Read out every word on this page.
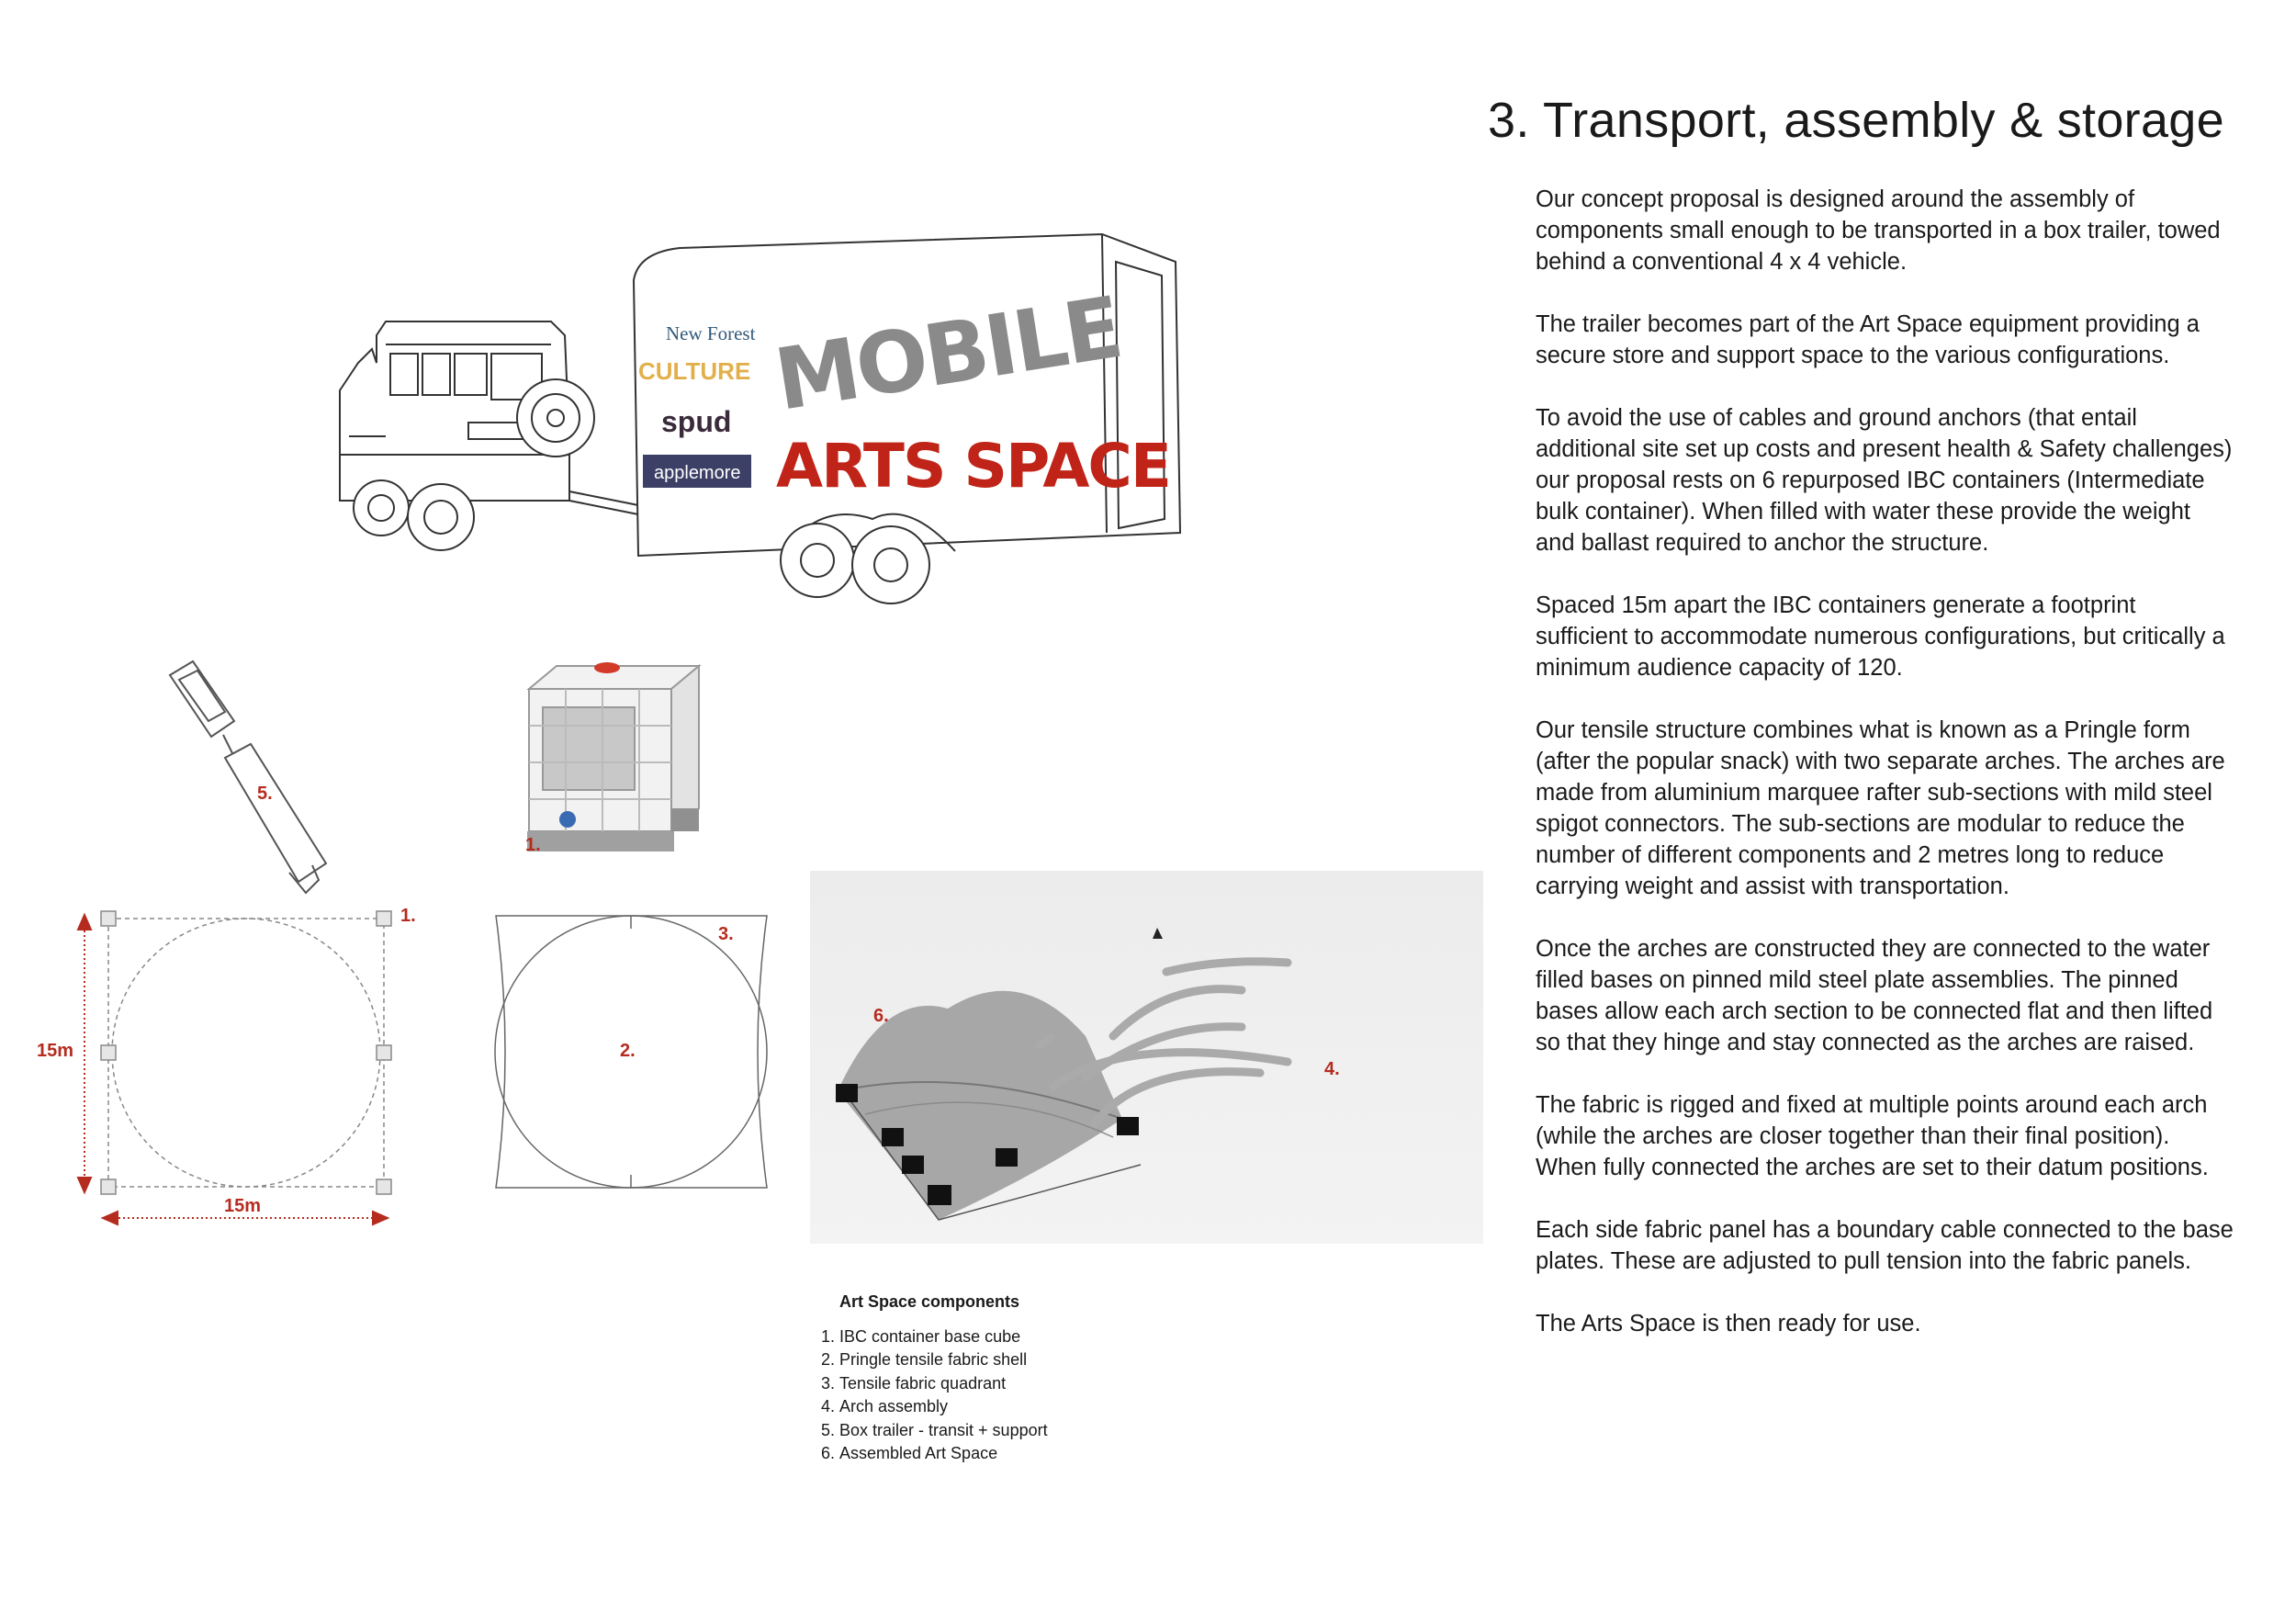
3. Transport, assembly & storage

Our concept proposal is designed around the assembly of components small enough to be transported in a box trailer, towed behind a conventional 4 x 4 vehicle.

The trailer becomes part of the Art Space equipment providing a secure store and support space to the various configurations.

To avoid the use of cables and ground anchors (that entail additional site set up costs and present health & Safety challenges) our proposal rests on 6 repurposed IBC containers (Intermediate bulk container). When filled with water these provide the weight and ballast required to anchor the structure.

Spaced 15m apart the IBC containers generate a footprint sufficient to accommodate numerous configurations, but critically a minimum audience capacity of 120.

Our tensile structure combines what is known as a Pringle form (after the popular snack) with two separate arches. The arches are made from aluminium marquee rafter sub-sections with mild steel spigot connectors. The sub-sections are modular to reduce the number of different components and 2 metres long to reduce carrying weight and assist with transportation.

Once the arches are constructed they are connected to the water filled bases on pinned mild steel plate assemblies. The pinned bases allow each arch section to be connected flat and then lifted so that they hinge and stay connected as the arches are raised.

The fabric is rigged and fixed at multiple points around each arch (while the arches are closer together than their final position). When fully connected the arches are set to their datum positions.

Each side fabric panel has a boundary cable connected to the base plates. These are adjusted to pull tension into the fabric panels.

The Arts Space is then ready for use.

New Forest
CULTURE
spud
applemore
MOBILE
ARTS SPACE
5.
1.
1.
15m
15m
3.
2.
6.
4.
Art Space components
1. IBC container base cube
2. Pringle tensile fabric shell
3. Tensile fabric quadrant
4. Arch assembly
5. Box trailer - transit + support
6. Assembled Art Space
